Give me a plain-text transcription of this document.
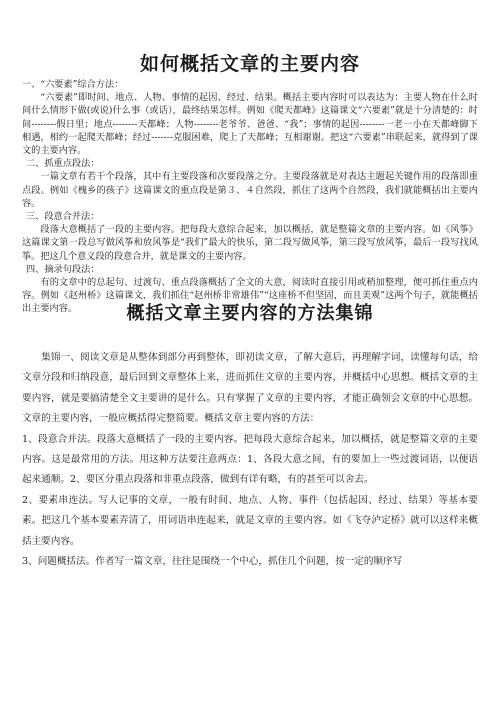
如何概括文章的主要内容

一、“六要素”综合方法：

“六要素”即时间、地点、人物、事情的起因、经过、结果。概括主要内容时可以表达为：主要人物在什么时间什么情形下做(或说)什么事（或话），最终结果怎样。例如《爬天都峰》这篇课文“六要素”就是十分清楚的：时间--------假日里；地点--------天都峰；人物--------老爷爷、爸爸、“我”；事情的起因--------一老一小在天都峰脚下相遇，相约一起爬天都峰；经过-------克服困难，爬上了天都峰；互相谢谢。把这“六要素”串联起来，就得到了课文的主要内容。

二、抓重点段法：

一篇文章有若干个段落，其中有主要段落和次要段落之分。主要段落就是对表达主题起关键作用的段落即重点段。例如《槐乡的孩子》这篇课文的重点段是第３、４自然段，抓住了这两个自然段，我们就能概括出主要内容。

三、段意合并法：

段落大意概括了一段的主要内容。把每段大意综合起来，加以概括，就是整篇文章的主要内容。如《风筝》这篇课文第一段总写做风筝和放风筝是“我们”最大的快乐，第二段写做风筝，第三段写放风筝，最后一段写找风筝。把这几个意义段的段意合并，就是课文的主要内容。

四、摘录句段法：

有的文章中的总起句、过渡句、重点段落概括了全文的大意，阅读时直接引用或稍加整理，便可抓住重点内容。例如《赵州桥》这篇课文，我们抓住“赵州桥非常雄伟”“这座桥不但坚固，而且美观”这两个句子，就能概括出主要内容。	概括文章主要内容的方法集锦

集锦一、阅读文章是从整体到部分再到整体，即初读文章，了解大意后，再理解字词，读懂每句话，给文章分段和归纳段意，最后回到文章整体上来，进而抓住文章的主要内容，并概括中心思想。概括文章的主要内容，就是要搞清楚全文主要讲的是什么。只有掌握了文章的主要内容，才能正确领会文章的中心思想。文章的主要内容，一般应概括得完整简要。概括文章主要内容的方法：

1、段意合并法。段落大意概括了一段的主要内容。把每段大意综合起来，加以概括，就是整篇文章的主要内容。这是最常用的方法。用这种方法要注意两点：1、各段大意之间，有的要加上一些过渡词语，以便语起来通顺。2、要区分重点段落和非重点段落，做到有详有略，有的甚至可以舍去。

2、要素串连法。写人记事的文章，一般有时间、地点、人物、事件（包括起因、经过、结果）等基本要素。把这几个基本要素弄清了，用词语串连起来，就是文章的主要内容。如《飞夺泸定桥》就可以这样来概括主要内容。

3、问题概括法。作者写一篇文章，往往是围绕一个中心，抓住几个问题，按一定的顺序写
